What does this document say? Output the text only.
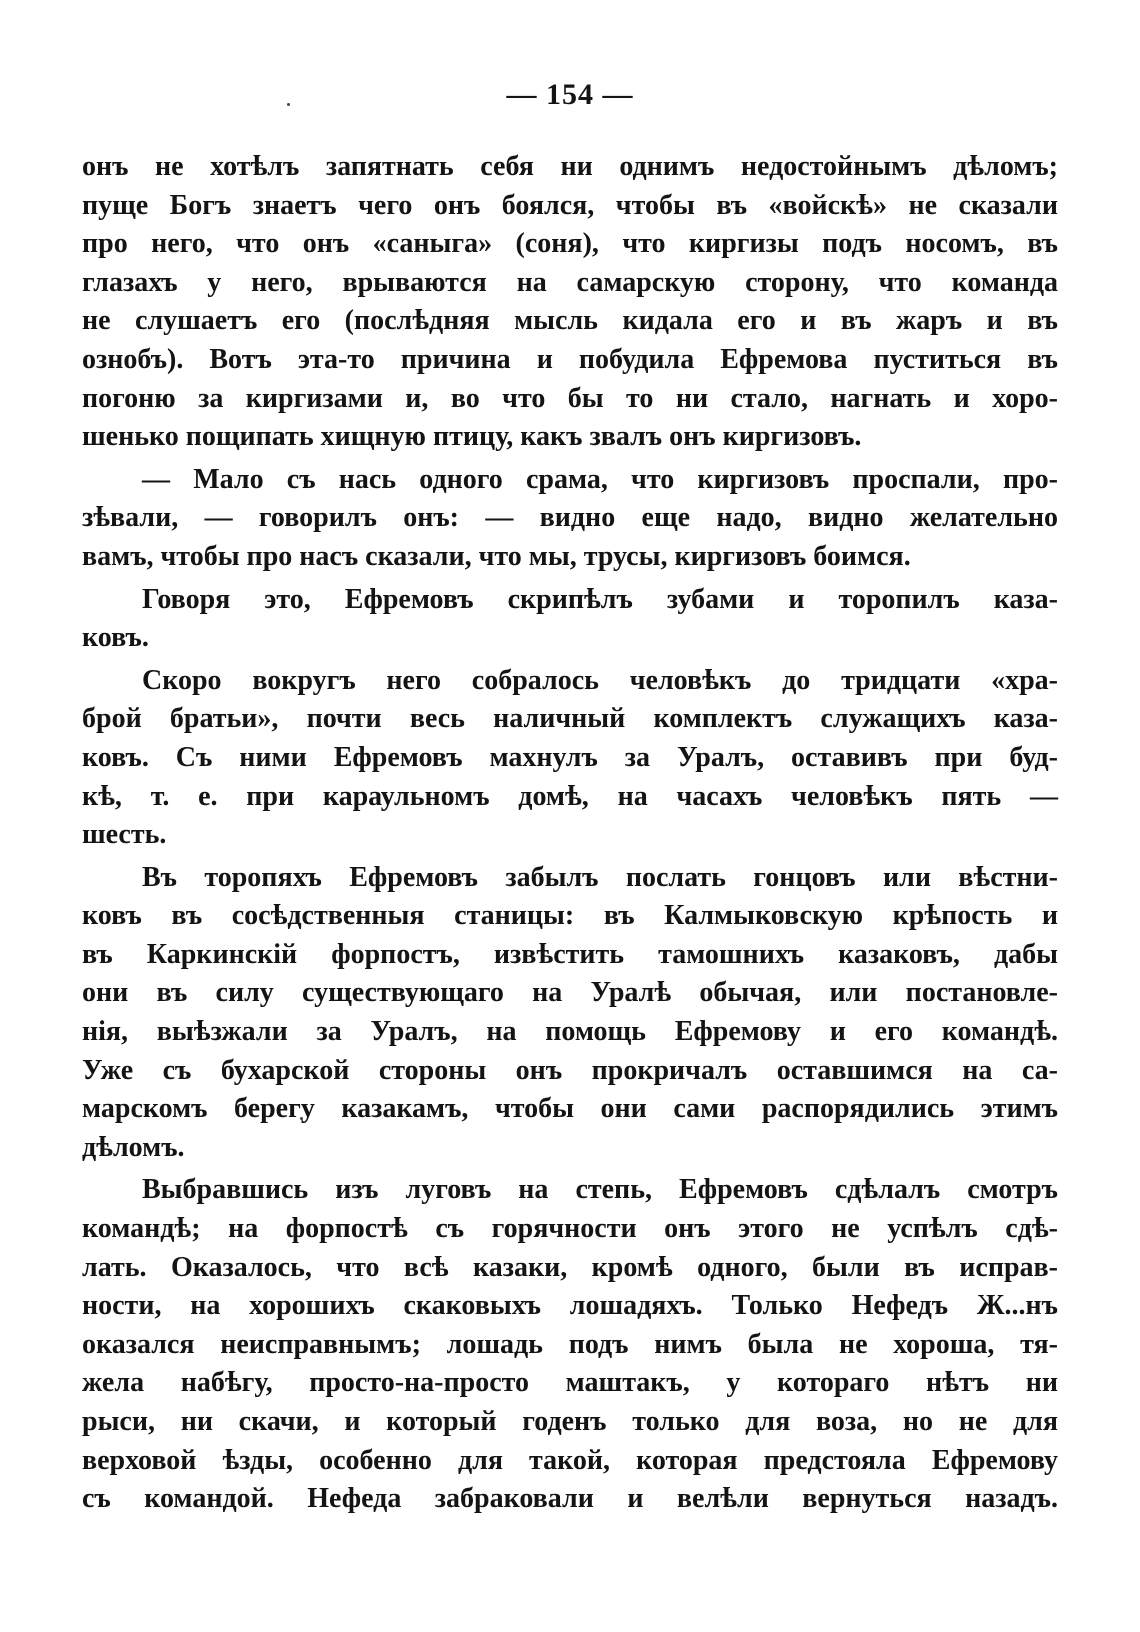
— 154 —
онъ не хотѣлъ запятнать себя ни однимъ недостойнымъ дѣломъ;
пуще Богъ знаетъ чего онъ боялся, чтобы въ «войскѣ» не сказали
про него, что онъ «саныга» (соня), что киргизы подъ носомъ, въ
глазахъ у него, врываются на самарскую сторону, что команда
не слушаетъ его (послѣдняя мысль кидала его и въ жаръ и въ
ознобъ). Вотъ эта-то причина и побудила Ефремова пуститься въ
погоню за киргизами и, во что бы то ни стало, нагнать и хоро-
шенько пощипать хищную птицу, какъ звалъ онъ киргизовъ.
— Мало съ нась одного срама, что киргизовъ проспали, про-
зѣвали, — говорилъ онъ: — видно еще надо, видно желательно
вамъ, чтобы про насъ сказали, что мы, трусы, киргизовъ боимся.
Говоря это, Ефремовъ скрипѣлъ зубами и торопилъ каза-
ковъ.
Скоро вокругъ него собралось человѣкъ до тридцати «хра-
брой братьи», почти весь наличный комплектъ служащихъ каза-
ковъ. Съ ними Ефремовъ махнулъ за Уралъ, оставивъ при буд-
кѣ, т. е. при караульномъ домѣ, на часахъ человѣкъ пять —
шесть.
Въ торопяхъ Ефремовъ забылъ послать гонцовъ или вѣстни-
ковъ въ сосѣдственныя станицы: въ Калмыковскую крѣпость и
въ Каркинскій форпостъ, извѣстить тамошнихъ казаковъ, дабы
они въ силу существующаго на Уралѣ обычая, или постановле-
нія, выѣзжали за Уралъ, на помощь Ефремову и его командѣ.
Уже съ бухарской стороны онъ прокричалъ оставшимся на са-
марскомъ берегу казакамъ, чтобы они сами распорядились этимъ
дѣломъ.
Выбравшись изъ луговъ на степь, Ефремовъ сдѣлалъ смотръ
командѣ; на форпостѣ съ горячности онъ этого не успѣлъ сдѣ-
лать. Оказалось, что всѣ казаки, кромѣ одного, были въ исправ-
ности, на хорошихъ скаковыхъ лошадяхъ. Только Нефедъ Ж...нъ
оказался неисправнымъ; лошадь подъ нимъ была не хороша, тя-
жела набѣгу, просто-на-просто маштакъ, у котораго нѣтъ ни
рыси, ни скачи, и который годенъ только для воза, но не для
верховой ѣзды, особенно для такой, которая предстояла Ефремову
съ командой. Нефеда забраковали и велѣли вернуться назадъ.
